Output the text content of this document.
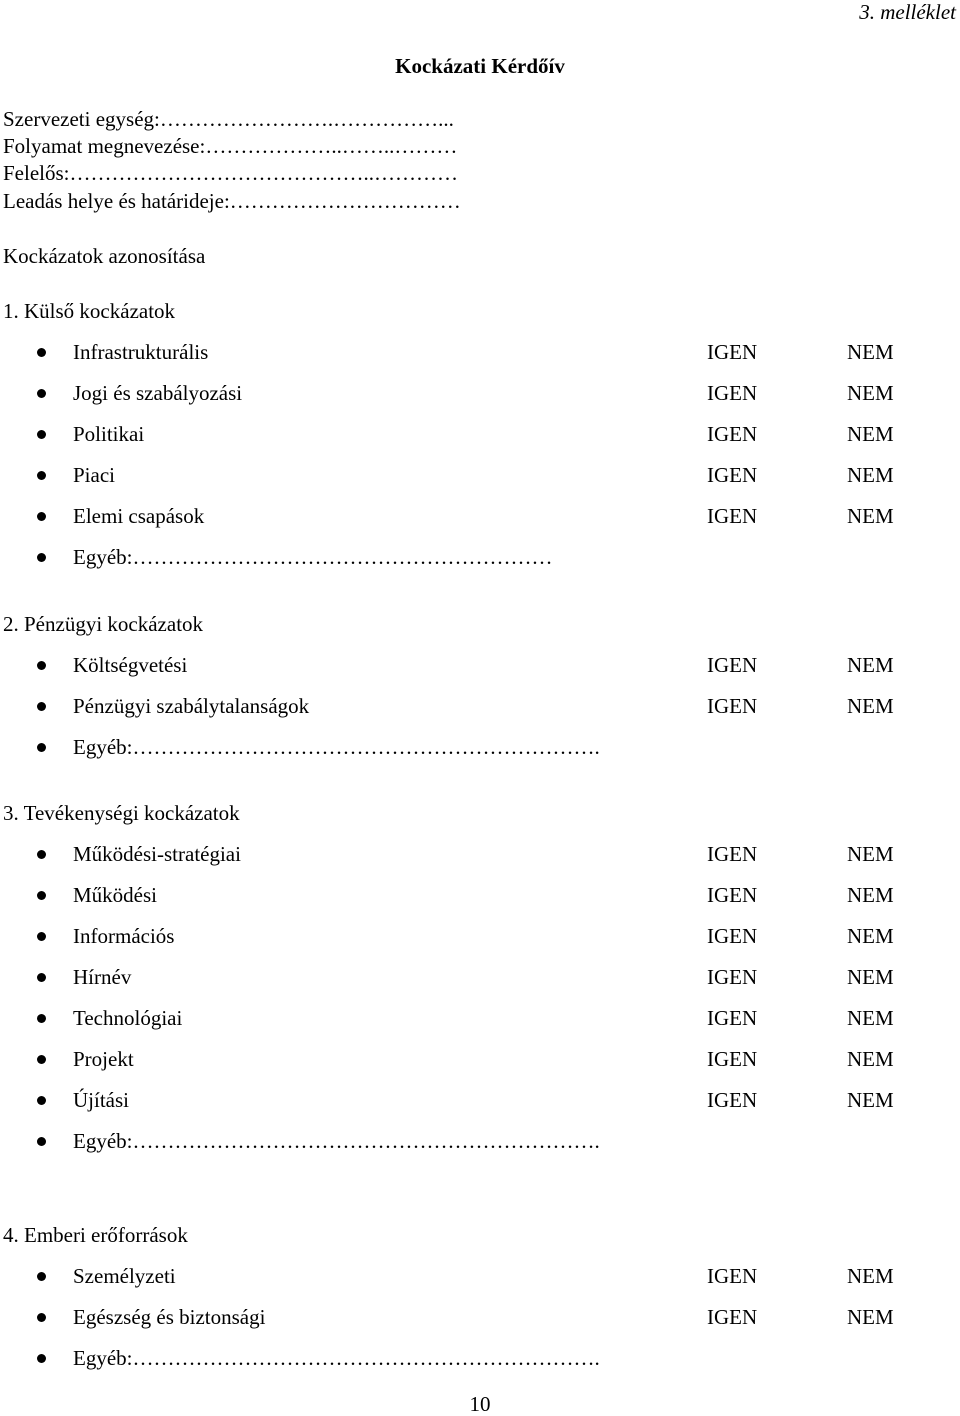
3. melléklet
Kockázati Kérdőív
Szervezeti egység:…………………….……………...
Folyamat megnevezése:………………..……..………
Felelős:……………………………………..…………
Leadás helye és határideje:……………………………
Kockázatok azonosítása
1. Külső kockázatok
Infrastrukturális	IGEN	NEM
Jogi és szabályozási	IGEN	NEM
Politikai	IGEN	NEM
Piaci	IGEN	NEM
Elemi csapások	IGEN	NEM
Egyéb:……………………………………………………
2. Pénzügyi kockázatok
Költségvetési	IGEN	NEM
Pénzügyi szabálytalanságok	IGEN	NEM
Egyéb:………………………………………………………….
3. Tevékenységi kockázatok
Működési-stratégiai	IGEN	NEM
Működési	IGEN	NEM
Információs	IGEN	NEM
Hírnév	IGEN	NEM
Technológiai	IGEN	NEM
Projekt	IGEN	NEM
Újítási	IGEN	NEM
Egyéb:………………………………………………………….
4. Emberi erőforrások
Személyzeti	IGEN	NEM
Egészség és biztonsági	IGEN	NEM
Egyéb:………………………………………………………….
10
